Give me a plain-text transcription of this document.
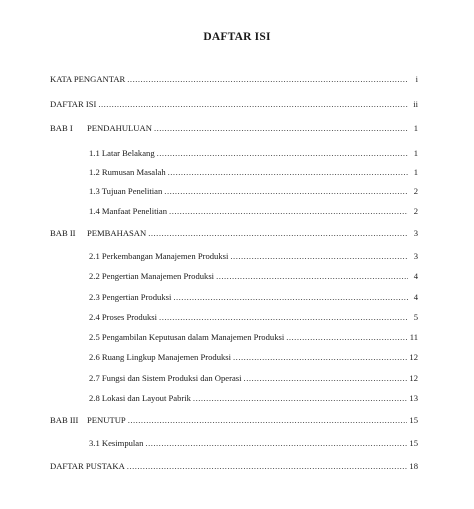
DAFTAR ISI
KATA PENGANTAR .....	i
DAFTAR ISI .....	ii
BAB I PENDAHULUAN .....	1
1.1 Latar Belakang .....	1
1.2 Rumusan Masalah .....	1
1.3 Tujuan Penelitian .....	2
1.4 Manfaat Penelitian .....	2
BAB II PEMBAHASAN .....	3
2.1 Perkembangan Manajemen Produksi .....	3
2.2 Pengertian Manajemen Produksi .....	4
2.3 Pengertian Produksi .....	4
2.4 Proses Produksi .....	5
2.5 Pengambilan Keputusan dalam Manajemen Produksi .....	11
2.6 Ruang Lingkup Manajemen Produksi .....	12
2.7 Fungsi dan Sistem Produksi dan Operasi .....	12
2.8 Lokasi dan Layout Pabrik .....	13
BAB III PENUTUP .....	15
3.1 Kesimpulan .....	15
DAFTAR PUSTAKA .....	18
